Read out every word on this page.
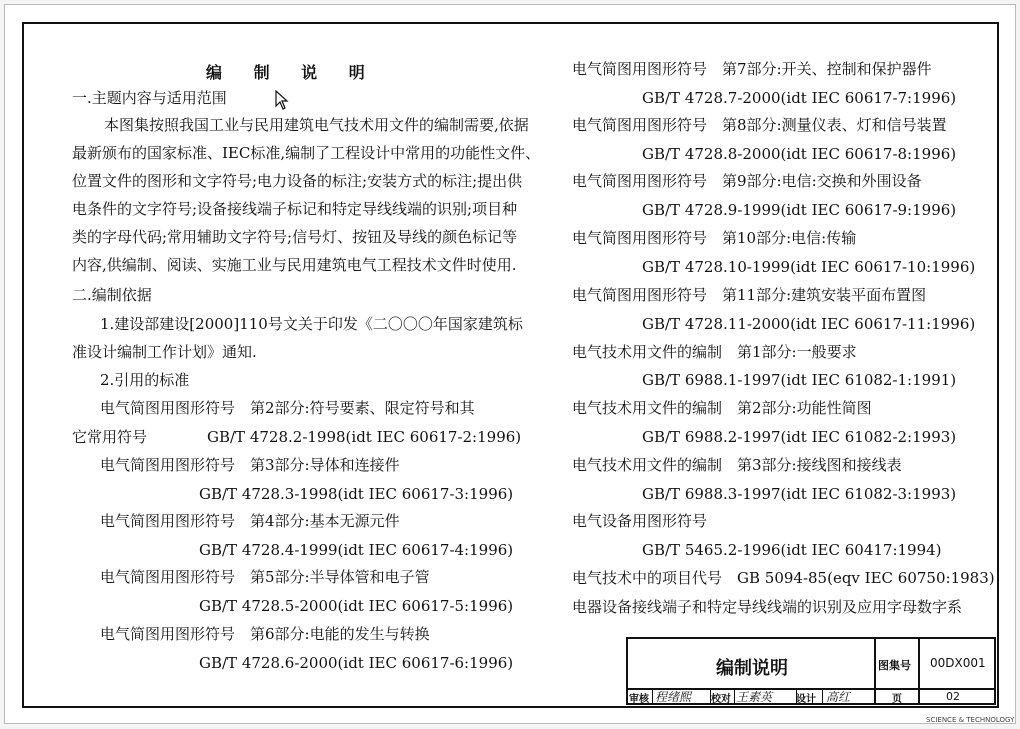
编 制 说 明
一.主题内容与适用范围
本图集按照我国工业与民用建筑电气技术用文件的编制需要,依据
最新颁布的国家标准、IEC标准,编制了工程设计中常用的功能性文件、
位置文件的图形和文字符号;电力设备的标注;安装方式的标注;提出供
电条件的文字符号;设备接线端子标记和特定导线线端的识别;项目种
类的字母代码;常用辅助文字符号;信号灯、按钮及导线的颜色标记等
内容,供编制、阅读、实施工业与民用建筑电气工程技术文件时使用.
二.编制依据
1.建设部建设[2000]110号文关于印发《二〇〇〇年国家建筑标
准设计编制工作计划》通知.
2.引用的标准
电气简图用图形符号　第2部分:符号要素、限定符号和其
它常用符号　　　　GB/T 4728.2-1998(idt IEC 60617-2:1996)
电气简图用图形符号　第3部分:导体和连接件
GB/T 4728.3-1998(idt IEC 60617-3:1996)
电气简图用图形符号　第4部分:基本无源元件
GB/T 4728.4-1999(idt IEC 60617-4:1996)
电气简图用图形符号　第5部分:半导体管和电子管
GB/T 4728.5-2000(idt IEC 60617-5:1996)
电气简图用图形符号　第6部分:电能的发生与转换
GB/T 4728.6-2000(idt IEC 60617-6:1996)
电气简图用图形符号　第7部分:开关、控制和保护器件
GB/T 4728.7-2000(idt IEC 60617-7:1996)
电气简图用图形符号　第8部分:测量仪表、灯和信号装置
GB/T 4728.8-2000(idt IEC 60617-8:1996)
电气简图用图形符号　第9部分:电信:交换和外围设备
GB/T 4728.9-1999(idt IEC 60617-9:1996)
电气简图用图形符号　第10部分:电信:传输
GB/T 4728.10-1999(idt IEC 60617-10:1996)
电气简图用图形符号　第11部分:建筑安装平面布置图
GB/T 4728.11-2000(idt IEC 60617-11:1996)
电气技术用文件的编制　第1部分:一般要求
GB/T 6988.1-1997(idt IEC 61082-1:1991)
电气技术用文件的编制　第2部分:功能性简图
GB/T 6988.2-1997(idt IEC 61082-2:1993)
电气技术用文件的编制　第3部分:接线图和接线表
GB/T 6988.3-1997(idt IEC 61082-3:1993)
电气设备用图形符号
GB/T 5465.2-1996(idt IEC 60417:1994)
电气技术中的项目代号　GB 5094-85(eqv IEC 60750:1983)
电器设备接线端子和特定导线线端的识别及应用字母数字系
编制说明	图集号 00DX001
审核 程绪熙 校对 王素英 设计 高红	页	02
SCIENCE & TECHNOLOGY
